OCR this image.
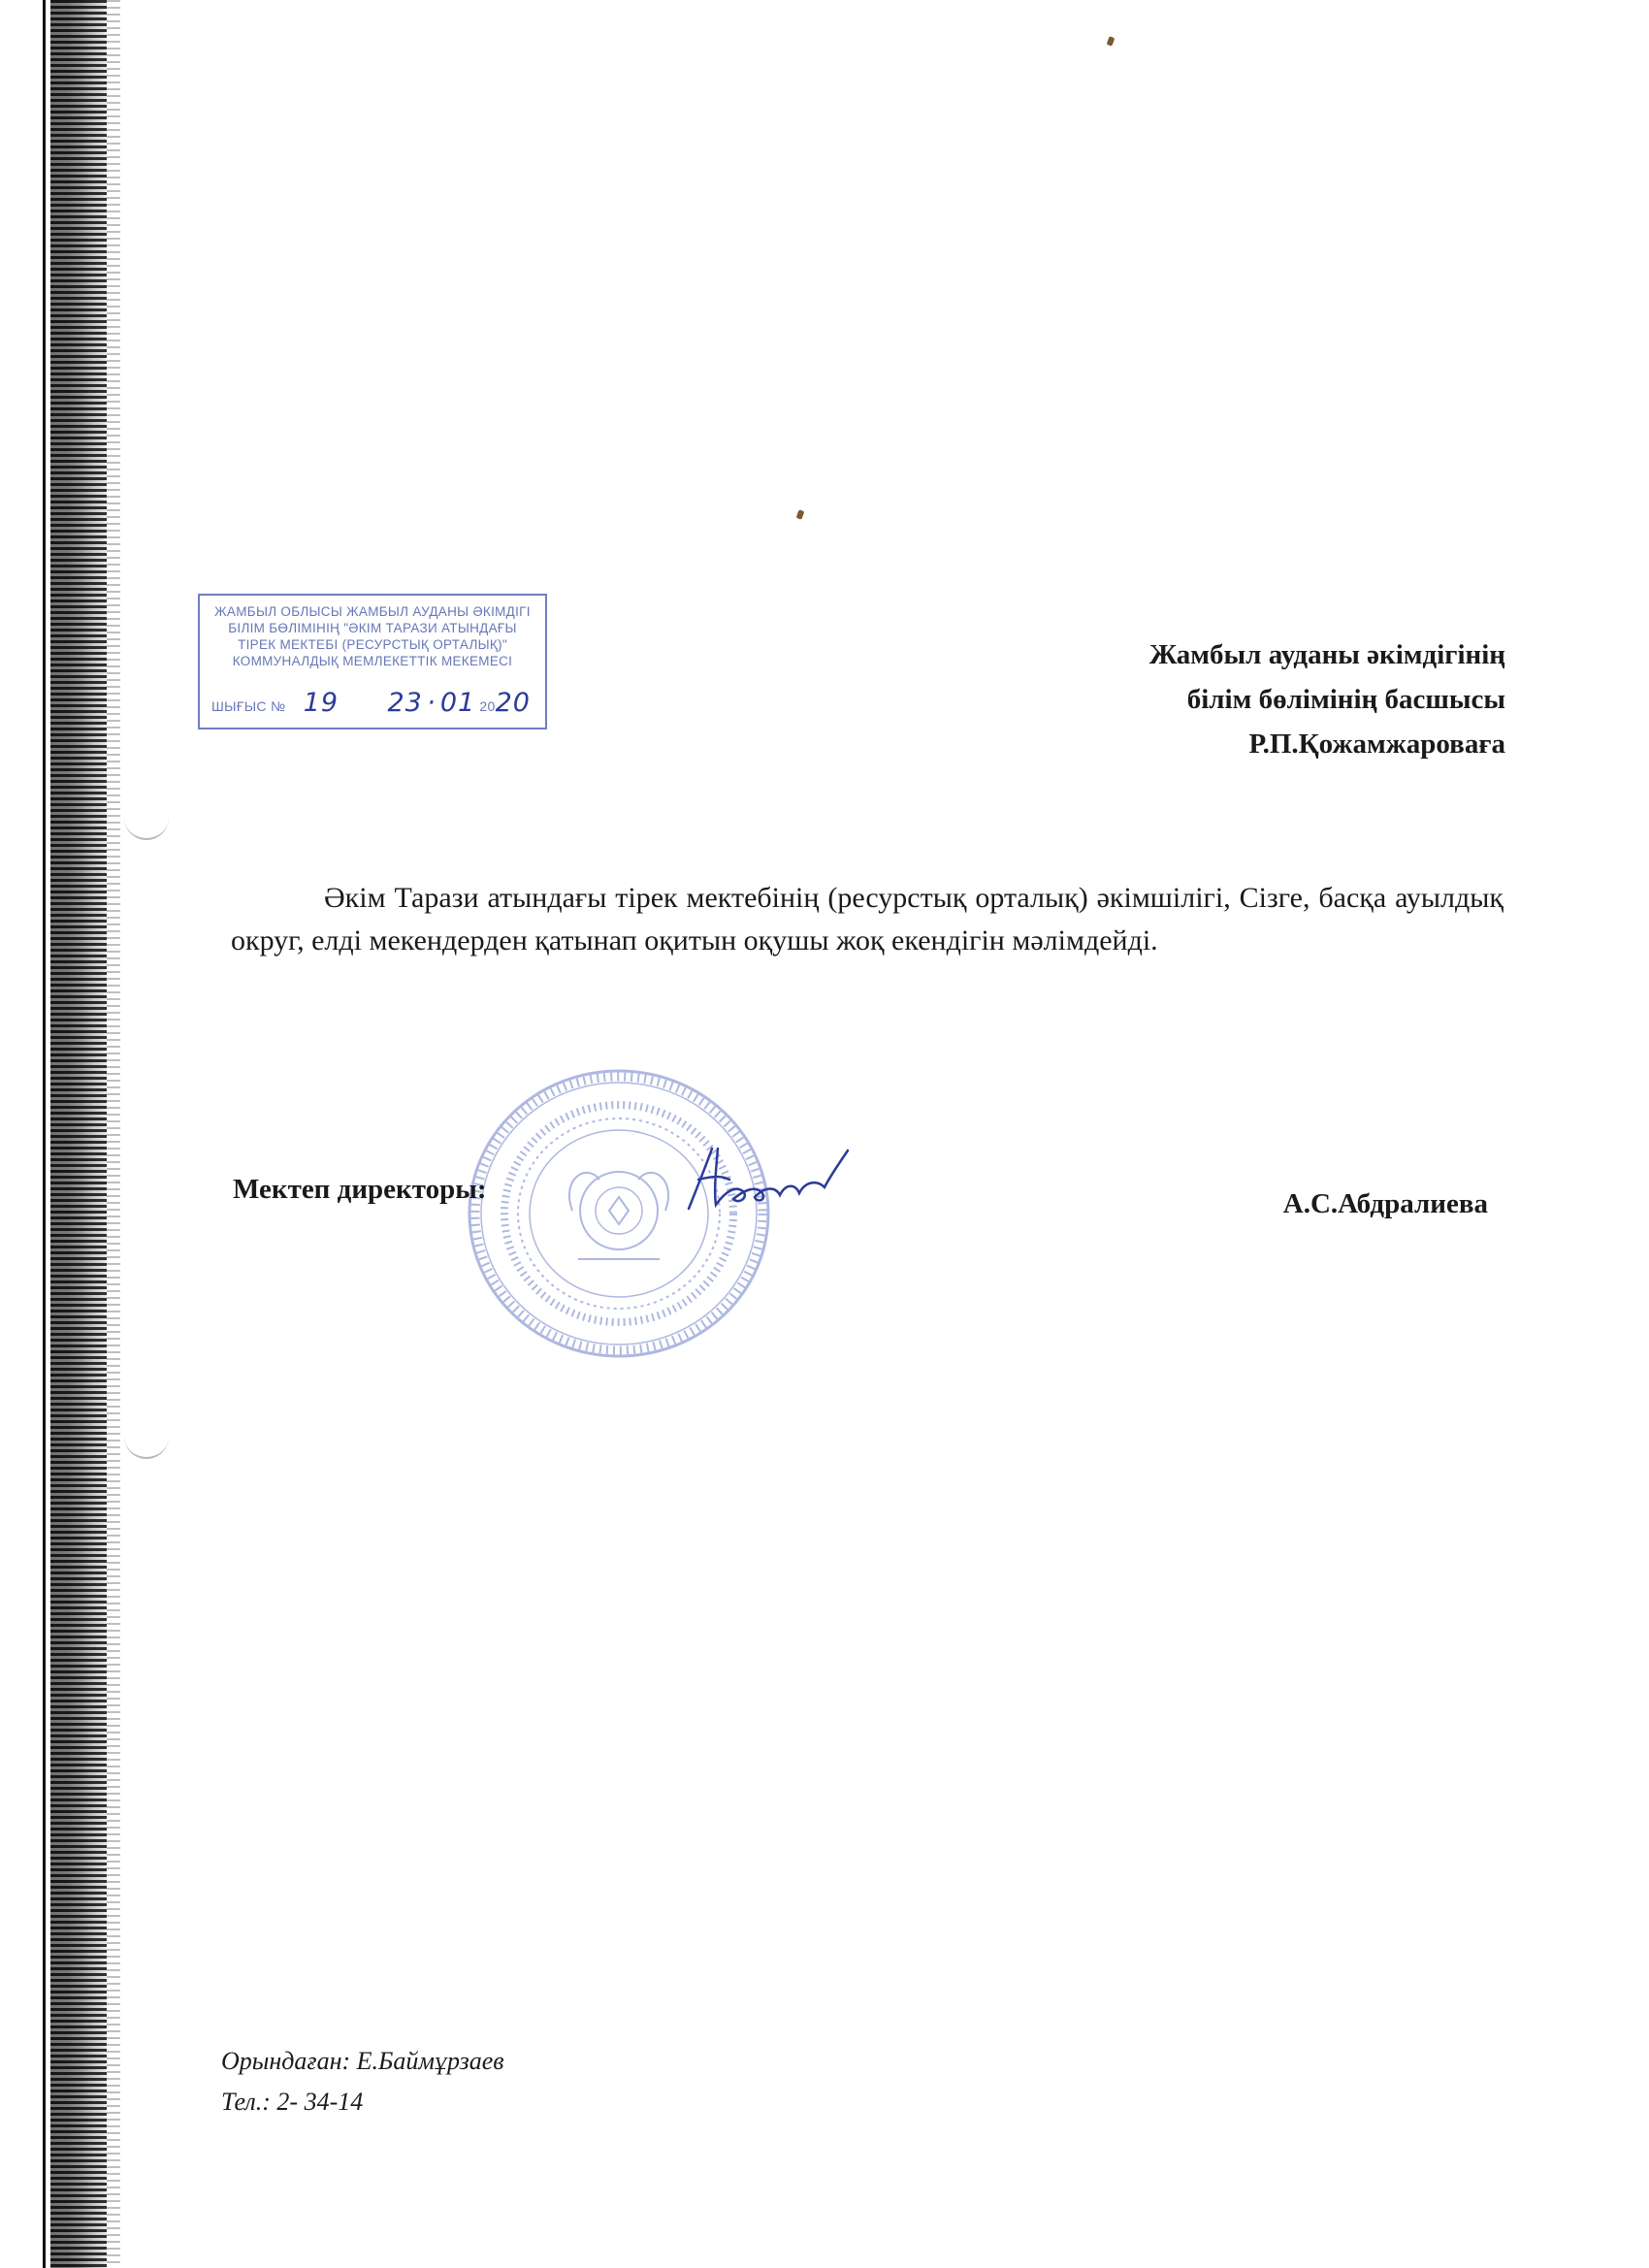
ЖАМБЫЛ ОБЛЫСЫ ЖАМБЫЛ АУДАНЫ ӘКІМДІГІ
БІЛІМ БӨЛІМІНІҢ "ӘКІМ ТАРАЗИ АТЫНДАҒЫ
ТІРЕК МЕКТЕБІ (РЕСУРСТЫҚ ОРТАЛЫҚ)"
КОММУНАЛДЫҚ МЕМЛЕКЕТТІК МЕКЕМЕСІ
ШЫҒЫС № 19 23 · 01 2020
Жамбыл ауданы әкімдігінің
білім бөлімінің басшысы
Р.П.Қожамжароваға
Әкім Тарази атындағы тірек мектебінің (ресурстық орталық) әкімшілігі, Сізге, басқа ауылдық округ, елді мекендерден қатынап оқитын оқушы жоқ екендігін мәлімдейді.
Мектеп директоры:	А.С.Абдралиева
Орындаған: Е.Баймұрзаев
Тел.: 2- 34-14
